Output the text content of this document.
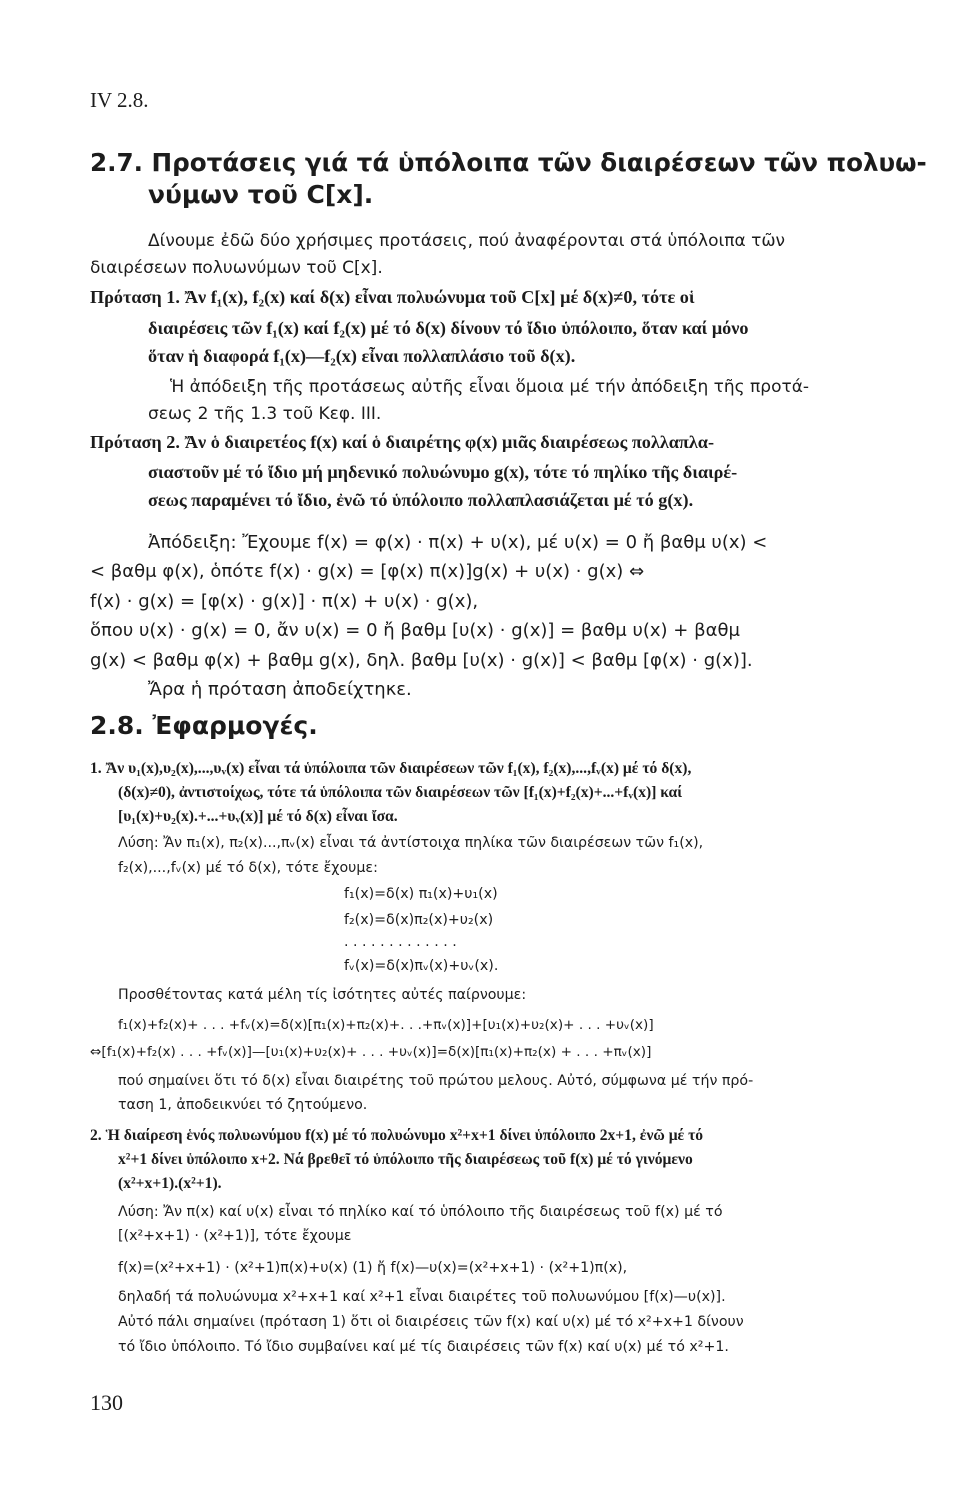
IV 2.8.
2.7. Προτάσεις γιά τά ὑπόλοιπα τῶν διαιρέσεων τῶν πολυω-
νύμων τοῦ C[x].
Δίνουμε ἐδῶ δύο χρήσιμες προτάσεις, πού ἀναφέρονται στά ὑπόλοιπα τῶν
διαιρέσεων πολυωνύμων τοῦ C[x].
Πρόταση 1. Ἄν f₁(x), f₂(x) καί δ(x) εἶναι πολυώνυμα τοῦ C[x] μέ δ(x)≠0, τότε οἱ
διαιρέσεις τῶν f₁(x) καί f₂(x) μέ τό δ(x) δίνουν τό ἴδιο ὑπόλοιπο, ὅταν καί μόνο
ὅταν ἡ διαφορά f₁(x)—f₂(x) εἶναι πολλαπλάσιο τοῦ δ(x).
Ἡ ἀπόδειξη τῆς προτάσεως αὐτῆς εἶναι ὅμοια μέ τήν ἀπόδειξη τῆς προτά-
σεως 2 τῆς 1.3 τοῦ Κεφ. III.
Πρόταση 2. Ἄν ὁ διαιρετέος f(x) καί ὁ διαιρέτης φ(x) μιᾶς διαιρέσεως πολλαπλα-
σιαστοῦν μέ τό ἴδιο μή μηδενικό πολυώνυμο g(x), τότε τό πηλίκο τῆς διαιρέ-
σεως παραμένει τό ἴδιο, ἐνῶ τό ὑπόλοιπο πολλαπλασιάζεται μέ τό g(x).
Ἀπόδειξη: Ἔχουμε f(x) = φ(x) · π(x) + υ(x), μέ υ(x) = 0 ἤ βαθμ υ(x) <
< βαθμ φ(x), ὁπότε f(x) · g(x) = [φ(x) π(x)]g(x) + υ(x) · g(x) ⇔
f(x) · g(x) = [φ(x) · g(x)] · π(x) + υ(x) · g(x),
ὅπου υ(x) · g(x) = 0, ἄν υ(x) = 0 ἤ βαθμ [υ(x) · g(x)] = βαθμ υ(x) + βαθμ
g(x) < βαθμ φ(x) + βαθμ g(x), δηλ. βαθμ [υ(x) · g(x)] < βαθμ [φ(x) · g(x)].
Ἄρα ἡ πρόταση ἀποδείχτηκε.
2.8. Ἐφαρμογές.
1. Ἄν υ₁(x),υ₂(x),...,υᵥ(x) εἶναι τά ὑπόλοιπα τῶν διαιρέσεων τῶν f₁(x), f₂(x),...,fᵥ(x) μέ τό δ(x),
(δ(x)≠0), ἀντιστοίχως, τότε τά ὑπόλοιπα τῶν διαιρέσεων τῶν [f₁(x)+f₂(x)+...+fᵥ(x)] καί
[υ₁(x)+υ₂(x).+...+υᵥ(x)] μέ τό δ(x) εἶναι ἴσα.
Λύση: Ἄν π₁(x), π₂(x)...,πᵥ(x) εἶναι τά ἀντίστοιχα πηλίκα τῶν διαιρέσεων τῶν f₁(x),
f₂(x),...,fᵥ(x) μέ τό δ(x), τότε ἔχουμε:
f₁(x)=δ(x) π₁(x)+υ₁(x)
f₂(x)=δ(x)π₂(x)+υ₂(x)
. . . . . . . . . . . . .
fᵥ(x)=δ(x)πᵥ(x)+υᵥ(x).
Προσθέτοντας κατά μέλη τίς ἰσότητες αὐτές παίρνουμε:
f₁(x)+f₂(x)+ . . . +fᵥ(x)=δ(x)[π₁(x)+π₂(x)+. . .+πᵥ(x)]+[υ₁(x)+υ₂(x)+ . . . +υᵥ(x)]
⇔[f₁(x)+f₂(x) . . . +fᵥ(x)]—[υ₁(x)+υ₂(x)+ . . . +υᵥ(x)]=δ(x)[π₁(x)+π₂(x) + . . . +πᵥ(x)]
πού σημαίνει ὅτι τό δ(x) εἶναι διαιρέτης τοῦ πρώτου μελους. Αὐτό, σύμφωνα μέ τήν πρό-
ταση 1, ἀποδεικνύει τό ζητούμενο.
2. Ἡ διαίρεση ἑνός πολυωνύμου f(x) μέ τό πολυώνυμο x²+x+1 δίνει ὑπόλοιπο 2x+1, ἐνῶ μέ τό
x²+1 δίνει ὑπόλοιπο x+2. Νά βρεθεῖ τό ὑπόλοιπο τῆς διαιρέσεως τοῦ f(x) μέ τό γινόμενο
(x²+x+1).(x²+1).
Λύση: Ἄν π(x) καί υ(x) εἶναι τό πηλίκο καί τό ὑπόλοιπο τῆς διαιρέσεως τοῦ f(x) μέ τό
[(x²+x+1) · (x²+1)], τότε ἔχουμε
f(x)=(x²+x+1) · (x²+1)π(x)+υ(x) (1) ἤ f(x)—υ(x)=(x²+x+1) · (x²+1)π(x),
δηλαδή τά πολυώνυμα x²+x+1 καί x²+1 εἶναι διαιρέτες τοῦ πολυωνύμου [f(x)—υ(x)].
Αὐτό πάλι σημαίνει (πρόταση 1) ὅτι οἱ διαιρέσεις τῶν f(x) καί υ(x) μέ τό x²+x+1 δίνουν
τό ἴδιο ὑπόλοιπο. Τό ἴδιο συμβαίνει καί μέ τίς διαιρέσεις τῶν f(x) καί υ(x) μέ τό x²+1.
130
